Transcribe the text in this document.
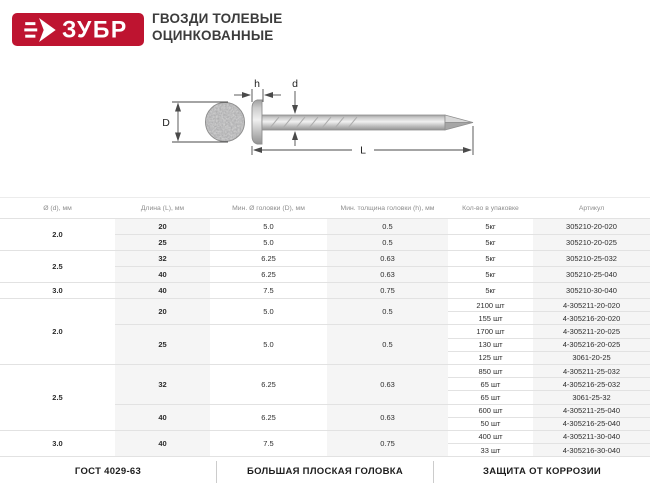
ЗУБР ГВОЗДИ ТОЛЕВЫЕ
ОЦИНКОВАННЫЕ
D
h	d
L
Ø (d), мм	Длина (L), мм	Мин. Ø головки (D), мм	Мин. толщина головки (h), мм	Кол-во в упаковке	Артикул
2.0	20	5.0	0.5	5кг	305210-20-020
	25	5.0	0.5	5кг	305210-20-025
2.5	32	6.25	0.63	5кг	305210-25-032
	40	6.25	0.63	5кг	305210-25-040
3.0	40	7.5	0.75	5кг	305210-30-040
2.0	20	5.0	0.5	2100 шт	4-305211-20-020
				155 шт	4-305216-20-020
	25	5.0	0.5	1700 шт	4-305211-20-025
				130 шт	4-305216-20-025
				125 шт	3061-20-25
2.5	32	6.25	0.63	850 шт	4-305211-25-032
				65 шт	4-305216-25-032
				65 шт	3061-25-32
	40	6.25	0.63	600 шт	4-305211-25-040
				50 шт	4-305216-25-040
3.0	40	7.5	0.75	400 шт	4-305211-30-040
				33 шт	4-305216-30-040
ГОСТ 4029-63	БОЛЬШАЯ ПЛОСКАЯ ГОЛОВКА	ЗАЩИТА ОТ КОРРОЗИИ
